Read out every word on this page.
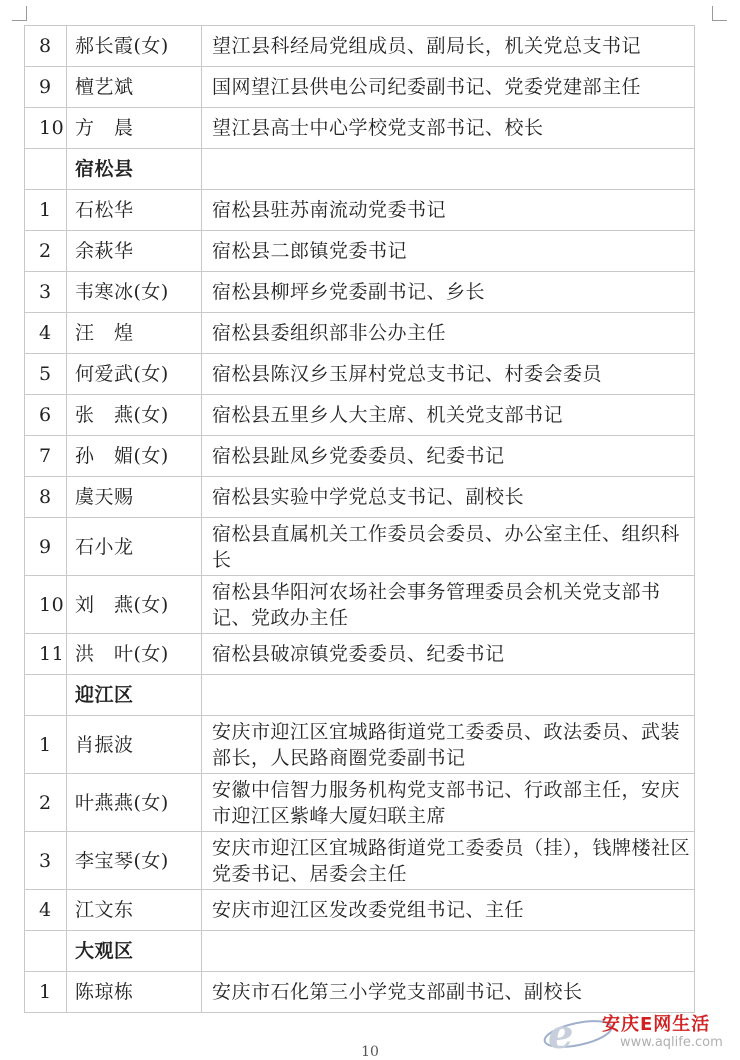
8	郝长霞(女)	望江县科经局党组成员、副局长，机关党总支书记
9	檀艺斌	国网望江县供电公司纪委副书记、党委党建部主任
10	方　晨	望江县高士中心学校党支部书记、校长
	宿松县	
1	石松华	宿松县驻苏南流动党委书记
2	余萩华	宿松县二郎镇党委书记
3	韦寒冰(女)	宿松县柳坪乡党委副书记、乡长
4	汪　煌	宿松县委组织部非公办主任
5	何爱武(女)	宿松县陈汉乡玉屏村党总支书记、村委会委员
6	张　燕(女)	宿松县五里乡人大主席、机关党支部书记
7	孙　媚(女)	宿松县趾凤乡党委委员、纪委书记
8	虞天赐	宿松县实验中学党总支书记、副校长
9	石小龙	宿松县直属机关工作委员会委员、办公室主任、组织科长
10	刘　燕(女)	宿松县华阳河农场社会事务管理委员会机关党支部书记、党政办主任
11	洪　叶(女)	宿松县破凉镇党委委员、纪委书记
	迎江区	
1	肖振波	安庆市迎江区宜城路街道党工委委员、政法委员、武装部长，人民路商圈党委副书记
2	叶燕燕(女)	安徽中信智力服务机构党支部书记、行政部主任，安庆市迎江区紫峰大厦妇联主席
3	李宝琴(女)	安庆市迎江区宜城路街道党工委委员（挂），钱牌楼社区党委书记、居委会主任
4	江文东	安庆市迎江区发改委党组书记、主任
	大观区	
1	陈琼栋	安庆市石化第三小学党支部副书记、副校长
10	e 安庆E网生活
www.aqlife.com
